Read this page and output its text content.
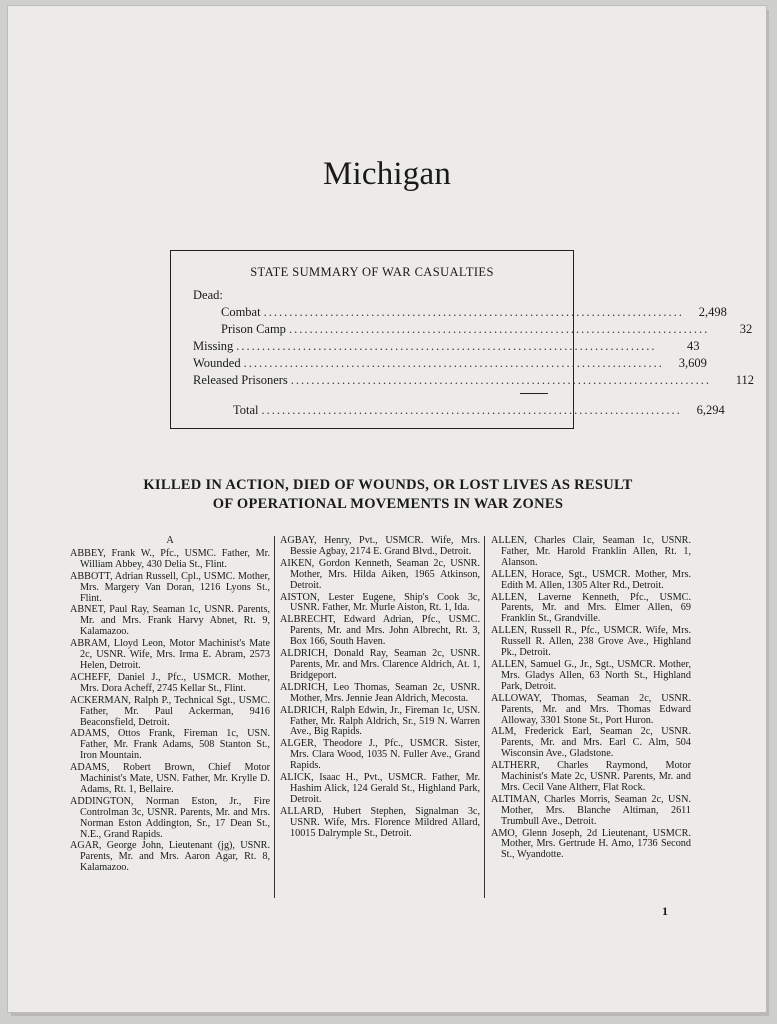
Michigan
STATE SUMMARY OF WAR CASUALTIES
Dead:
Combat ..................................................................................	2,498
Prison Camp ..................................................................................	32
Missing ..................................................................................	43
Wounded ..................................................................................	3,609
Released Prisoners ..................................................................................	112
Total ..................................................................................	6,294
KILLED IN ACTION, DIED OF WOUNDS, OR LOST LIVES AS RESULT
OF OPERATIONAL MOVEMENTS IN WAR ZONES
A
ABBEY, Frank W., Pfc., USMC. Father, Mr. William Abbey, 430 Delia St., Flint.
ABBOTT, Adrian Russell, Cpl., USMC. Mother, Mrs. Margery Van Doran, 1216 Lyons St., Flint.
ABNET, Paul Ray, Seaman 1c, USNR. Parents, Mr. and Mrs. Frank Harvy Abnet, Rt. 9, Kalamazoo.
ABRAM, Lloyd Leon, Motor Machinist's Mate 2c, USNR. Wife, Mrs. Irma E. Abram, 2573 Helen, Detroit.
ACHEFF, Daniel J., Pfc., USMCR. Mother, Mrs. Dora Acheff, 2745 Kellar St., Flint.
ACKERMAN, Ralph P., Technical Sgt., USMC. Father, Mr. Paul Ackerman, 9416 Beaconsfield, Detroit.
ADAMS, Ottos Frank, Fireman 1c, USN. Father, Mr. Frank Adams, 508 Stanton St., Iron Mountain.
ADAMS, Robert Brown, Chief Motor Machinist's Mate, USN. Father, Mr. Krylle D. Adams, Rt. 1, Bellaire.
ADDINGTON, Norman Eston, Jr., Fire Controlman 3c, USNR. Parents, Mr. and Mrs. Norman Eston Addington, Sr., 17 Dean St., N.E., Grand Rapids.
AGAR, George John, Lieutenant (jg), USNR. Parents, Mr. and Mrs. Aaron Agar, Rt. 8, Kalamazoo.
AGBAY, Henry, Pvt., USMCR. Wife, Mrs. Bessie Agbay, 2174 E. Grand Blvd., Detroit.
AIKEN, Gordon Kenneth, Seaman 2c, USNR. Mother, Mrs. Hilda Aiken, 1965 Atkinson, Detroit.
AISTON, Lester Eugene, Ship's Cook 3c, USNR. Father, Mr. Murle Aiston, Rt. 1, Ida.
ALBRECHT, Edward Adrian, Pfc., USMC. Parents, Mr. and Mrs. John Albrecht, Rt. 3, Box 166, South Haven.
ALDRICH, Donald Ray, Seaman 2c, USNR. Parents, Mr. and Mrs. Clarence Aldrich, At. 1, Bridgeport.
ALDRICH, Leo Thomas, Seaman 2c, USNR. Mother, Mrs. Jennie Jean Aldrich, Mecosta.
ALDRICH, Ralph Edwin, Jr., Fireman 1c, USN. Father, Mr. Ralph Aldrich, Sr., 519 N. Warren Ave., Big Rapids.
ALGER, Theodore J., Pfc., USMCR. Sister, Mrs. Clara Wood, 1035 N. Fuller Ave., Grand Rapids.
ALICK, Isaac H., Pvt., USMCR. Father, Mr. Hashim Alick, 124 Gerald St., Highland Park, Detroit.
ALLARD, Hubert Stephen, Signalman 3c, USNR. Wife, Mrs. Florence Mildred Allard, 10015 Dalrymple St., Detroit.
ALLEN, Charles Clair, Seaman 1c, USNR. Father, Mr. Harold Franklin Allen, Rt. 1, Alanson.
ALLEN, Horace, Sgt., USMCR. Mother, Mrs. Edith M. Allen, 1305 Alter Rd., Detroit.
ALLEN, Laverne Kenneth, Pfc., USMC. Parents, Mr. and Mrs. Elmer Allen, 69 Franklin St., Grandville.
ALLEN, Russell R., Pfc., USMCR. Wife, Mrs. Russell R. Allen, 238 Grove Ave., Highland Pk., Detroit.
ALLEN, Samuel G., Jr., Sgt., USMCR. Mother, Mrs. Gladys Allen, 63 North St., Highland Park, Detroit.
ALLOWAY, Thomas, Seaman 2c, USNR. Parents, Mr. and Mrs. Thomas Edward Alloway, 3301 Stone St., Port Huron.
ALM, Frederick Earl, Seaman 2c, USNR. Parents, Mr. and Mrs. Earl C. Alm, 504 Wisconsin Ave., Gladstone.
ALTHERR, Charles Raymond, Motor Machinist's Mate 2c, USNR. Parents, Mr. and Mrs. Cecil Vane Altherr, Flat Rock.
ALTIMAN, Charles Morris, Seaman 2c, USN. Mother, Mrs. Blanche Altiman, 2611 Trumbull Ave., Detroit.
AMO, Glenn Joseph, 2d Lieutenant, USMCR. Mother, Mrs. Gertrude H. Amo, 1736 Second St., Wyandotte.
1
